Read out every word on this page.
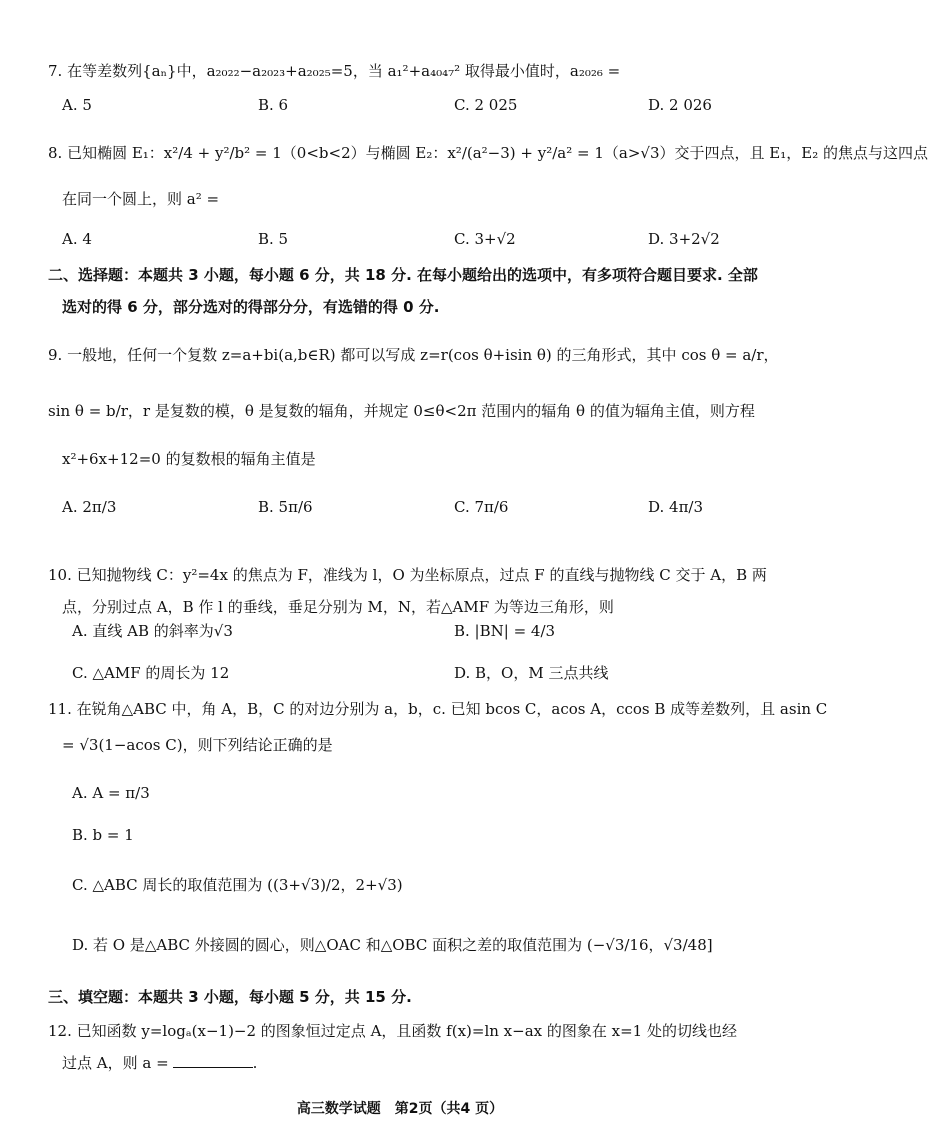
7. 在等差数列{aₙ}中，a₂₀₂₂−a₂₀₂₃+a₂₀₂₅=5，当 a₁²+a₄₀₄₇² 取得最小值时，a₂₀₂₆ =
A. 5	B. 6	C. 2 025	D. 2 026
8. 已知椭圆 E₁：x²/4 + y²/b² = 1（0<b<2）与椭圆 E₂：x²/(a²−3) + y²/a² = 1（a>√3）交于四点，且 E₁，E₂ 的焦点与这四点
在同一个圆上，则 a² =
A. 4	B. 5	C. 3+√2	D. 3+2√2
二、选择题：本题共 3 小题，每小题 6 分，共 18 分. 在每小题给出的选项中，有多项符合题目要求. 全部
选对的得 6 分，部分选对的得部分分，有选错的得 0 分.
9. 一般地，任何一个复数 z=a+bi(a,b∈R) 都可以写成 z=r(cos θ+isin θ) 的三角形式，其中 cos θ = a/r，
sin θ = b/r，r 是复数的模，θ 是复数的辐角，并规定 0≤θ<2π 范围内的辐角 θ 的值为辐角主值，则方程
x²+6x+12=0 的复数根的辐角主值是
A. 2π/3	B. 5π/6	C. 7π/6	D. 4π/3
10. 已知抛物线 C：y²=4x 的焦点为 F，准线为 l，O 为坐标原点，过点 F 的直线与抛物线 C 交于 A，B 两
点，分别过点 A，B 作 l 的垂线，垂足分别为 M，N，若△AMF 为等边三角形，则
A. 直线 AB 的斜率为√3	B. |BN| = 4/3
C. △AMF 的周长为 12	D. B，O，M 三点共线
11. 在锐角△ABC 中，角 A，B，C 的对边分别为 a，b，c. 已知 bcos C，acos A，ccos B 成等差数列，且 asin C
= √3(1−acos C)，则下列结论正确的是
A. A = π/3
B. b = 1
C. △ABC 周长的取值范围为 ((3+√3)/2，2+√3)
D. 若 O 是△ABC 外接圆的圆心，则△OAC 和△OBC 面积之差的取值范围为 (−√3/16，√3/48]
三、填空题：本题共 3 小题，每小题 5 分，共 15 分.
12. 已知函数 y=logₐ(x−1)−2 的图象恒过定点 A，且函数 f(x)=ln x−ax 的图象在 x=1 处的切线也经
过点 A，则 a =	.
高三数学试题　第2页（共4 页）
